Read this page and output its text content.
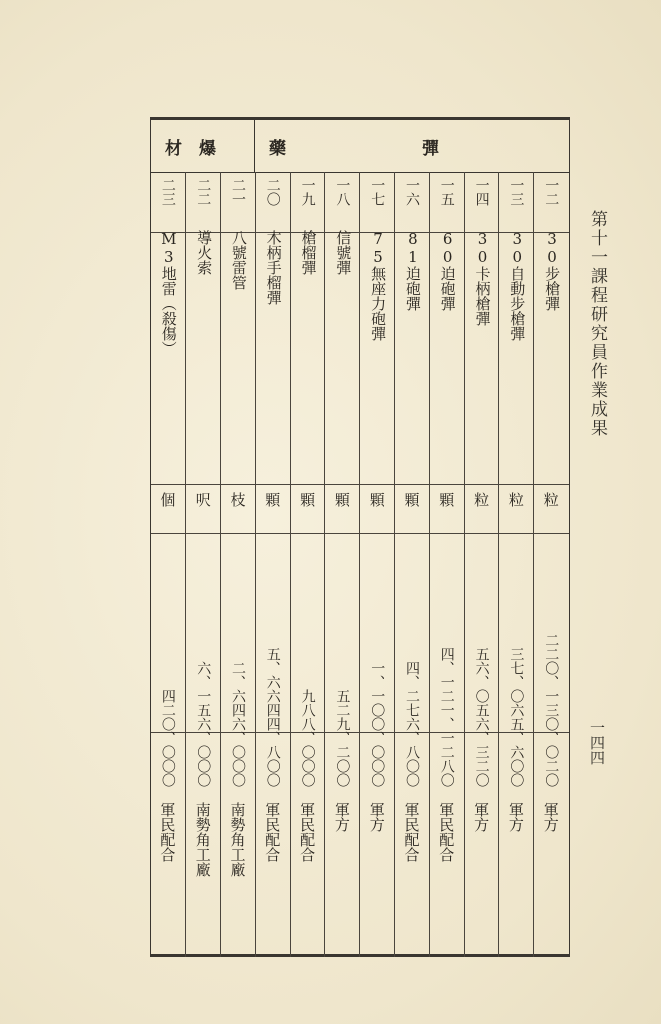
第十一課程研究員作業成果
一四四
材　爆	藥　　　　　　　　彈
一二
30步槍彈
粒
二二〇、一三〇、〇二〇
軍方
一三
30自動步槍彈
粒
三七、〇六五、六〇〇
軍方
一四
30卡柄槍彈
粒
五六、〇五六、三二〇
軍方
一五
60迫砲彈
顆
四、一二一、一二八〇
軍民配合
一六
81迫砲彈
顆
四、二七六、八〇〇
軍民配合
一七
75無座力砲彈
顆
一、一〇〇、〇〇〇
軍方
一八
信號彈
顆
五二九、二〇〇
軍方
一九
槍榴彈
顆
九八八、〇〇〇
軍民配合
二〇
木柄手榴彈
顆
五、六六四四、八〇〇
軍民配合
二一
八號雷管
枝
二、六四六、〇〇〇
南勢角工廠
二二
導火索
呎
六、一五六、〇〇〇
南勢角工廠
二三
M3地雷（殺傷）
個
四二〇、〇〇〇
軍民配合
